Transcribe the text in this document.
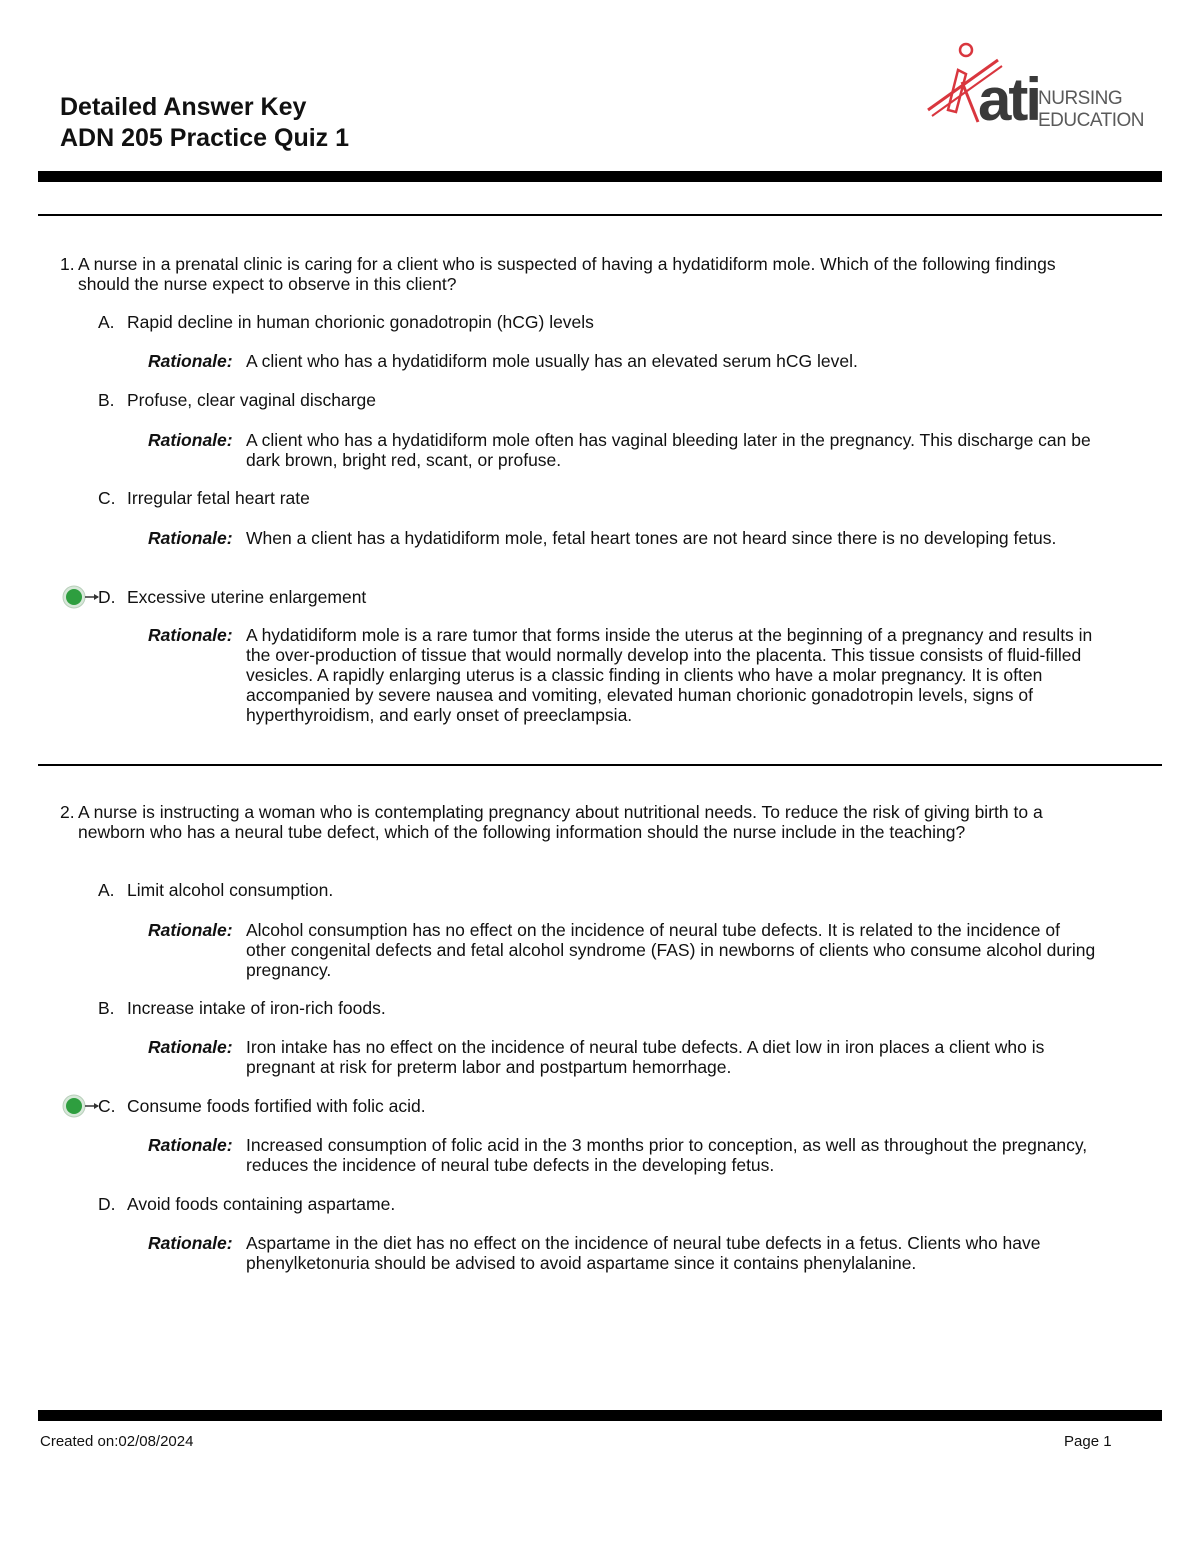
Detailed Answer Key
ADN 205 Practice Quiz 1
ati
NURSING
EDUCATION
1. A nurse in a prenatal clinic is caring for a client who is suspected of having a hydatidiform mole. Which of the following findings should the nurse expect to observe in this client?
A. Rapid decline in human chorionic gonadotropin (hCG) levels
Rationale: A client who has a hydatidiform mole usually has an elevated serum hCG level.
B. Profuse, clear vaginal discharge
Rationale: A client who has a hydatidiform mole often has vaginal bleeding later in the pregnancy. This discharge can be dark brown, bright red, scant, or profuse.
C. Irregular fetal heart rate
Rationale: When a client has a hydatidiform mole, fetal heart tones are not heard since there is no developing fetus.
D. Excessive uterine enlargement
Rationale: A hydatidiform mole is a rare tumor that forms inside the uterus at the beginning of a pregnancy and results in the over-production of tissue that would normally develop into the placenta. This tissue consists of fluid-filled vesicles. A rapidly enlarging uterus is a classic finding in clients who have a molar pregnancy. It is often accompanied by severe nausea and vomiting, elevated human chorionic gonadotropin levels, signs of hyperthyroidism, and early onset of preeclampsia.
2. A nurse is instructing a woman who is contemplating pregnancy about nutritional needs. To reduce the risk of giving birth to a newborn who has a neural tube defect, which of the following information should the nurse include in the teaching?
A. Limit alcohol consumption.
Rationale: Alcohol consumption has no effect on the incidence of neural tube defects. It is related to the incidence of other congenital defects and fetal alcohol syndrome (FAS) in newborns of clients who consume alcohol during pregnancy.
B. Increase intake of iron-rich foods.
Rationale: Iron intake has no effect on the incidence of neural tube defects. A diet low in iron places a client who is pregnant at risk for preterm labor and postpartum hemorrhage.
C. Consume foods fortified with folic acid.
Rationale: Increased consumption of folic acid in the 3 months prior to conception, as well as throughout the pregnancy, reduces the incidence of neural tube defects in the developing fetus.
D. Avoid foods containing aspartame.
Rationale: Aspartame in the diet has no effect on the incidence of neural tube defects in a fetus. Clients who have phenylketonuria should be advised to avoid aspartame since it contains phenylalanine.
Created on:02/08/2024	Page 1
